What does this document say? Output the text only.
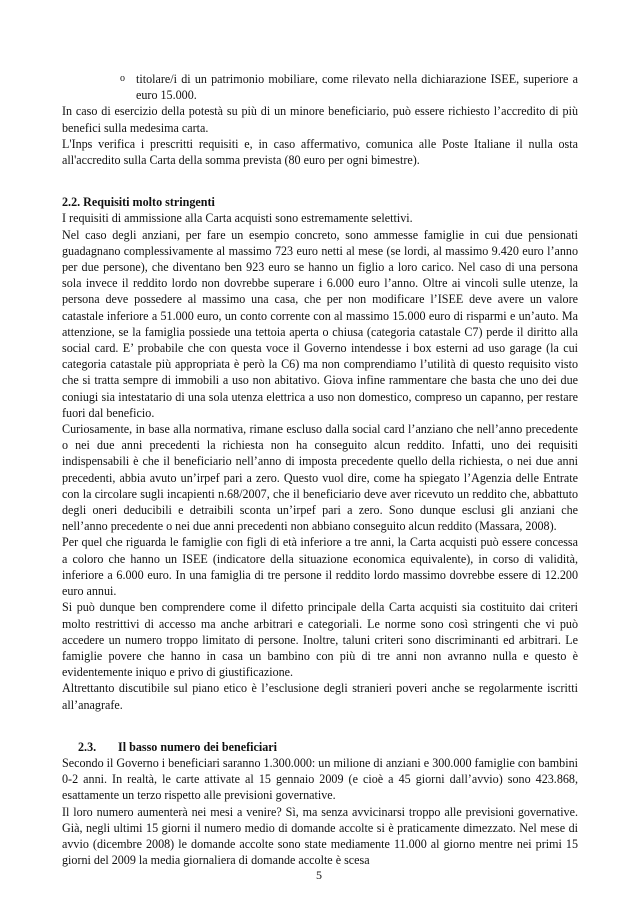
o titolare/i di un patrimonio mobiliare, come rilevato nella dichiarazione ISEE, superiore a euro 15.000.

In caso di esercizio della potestà su più di un minore beneficiario, può essere richiesto l’accredito di più benefici sulla medesima carta.

L'Inps verifica i prescritti requisiti e, in caso affermativo, comunica alle Poste Italiane il nulla osta all'accredito sulla Carta della somma prevista (80 euro per ogni bimestre).

2.2. Requisiti molto stringenti

I requisiti di ammissione alla Carta acquisti sono estremamente selettivi.

Nel caso degli anziani, per fare un esempio concreto, sono ammesse famiglie in cui due pensionati guadagnano complessivamente al massimo 723 euro netti al mese (se lordi, al massimo 9.420 euro l’anno per due persone), che diventano ben 923 euro se hanno un figlio a loro carico. Nel caso di una persona sola invece il reddito lordo non dovrebbe superare i 6.000 euro l’anno. Oltre ai vincoli sulle utenze, la persona deve possedere al massimo una casa, che per non modificare l’ISEE deve avere un valore catastale inferiore a 51.000 euro, un conto corrente con al massimo 15.000 euro di risparmi e un’auto. Ma attenzione, se la famiglia possiede una tettoia aperta o chiusa (categoria catastale C7) perde il diritto alla social card. E’ probabile che con questa voce il Governo intendesse i box esterni ad uso garage (la cui categoria catastale più appropriata è però la C6) ma non comprendiamo l’utilità di questo requisito visto che si tratta sempre di immobili a uso non abitativo. Giova infine rammentare che basta che uno dei due coniugi sia intestatario di una sola utenza elettrica a uso non domestico, compreso un capanno, per restare fuori dal beneficio.

Curiosamente, in base alla normativa, rimane escluso dalla social card l’anziano che nell’anno precedente o nei due anni precedenti la richiesta non ha conseguito alcun reddito. Infatti, uno dei requisiti indispensabili è che il beneficiario nell’anno di imposta precedente quello della richiesta, o nei due anni precedenti, abbia avuto un’irpef pari a zero. Questo vuol dire, come ha spiegato l’Agenzia delle Entrate con la circolare sugli incapienti n.68/2007, che il beneficiario deve aver ricevuto un reddito che, abbattuto degli oneri deducibili e detraibili sconta un’irpef pari a zero. Sono dunque esclusi gli anziani che nell’anno precedente o nei due anni precedenti non abbiano conseguito alcun reddito (Massara, 2008).

Per quel che riguarda le famiglie con figli di età inferiore a tre anni, la Carta acquisti può essere concessa a coloro che hanno un ISEE (indicatore della situazione economica equivalente), in corso di validità, inferiore a 6.000 euro. In una famiglia di tre persone il reddito lordo massimo dovrebbe essere di 12.200 euro annui.

Si può dunque ben comprendere come il difetto principale della Carta acquisti sia costituito dai criteri molto restrittivi di accesso ma anche arbitrari e categoriali. Le norme sono così stringenti che vi può accedere un numero troppo limitato di persone. Inoltre, taluni criteri sono discriminanti ed arbitrari. Le famiglie povere che hanno in casa un bambino con più di tre anni non avranno nulla e questo è evidentemente iniquo e privo di giustificazione.

Altrettanto discutibile sul piano etico è l’esclusione degli stranieri poveri anche se regolarmente iscritti all’anagrafe.

2.3. Il basso numero dei beneficiari

Secondo il Governo i beneficiari saranno 1.300.000: un milione di anziani e 300.000 famiglie con bambini 0-2 anni. In realtà, le carte attivate al 15 gennaio 2009 (e cioè a 45 giorni dall’avvio) sono 423.868, esattamente un terzo rispetto alle previsioni governative.

Il loro numero aumenterà nei mesi a venire? Sì, ma senza avvicinarsi troppo alle previsioni governative. Già, negli ultimi 15 giorni il numero medio di domande accolte si è praticamente dimezzato. Nel mese di avvio (dicembre 2008) le domande accolte sono state mediamente 11.000 al giorno mentre nei primi 15 giorni del 2009 la media giornaliera di domande accolte è scesa

5
